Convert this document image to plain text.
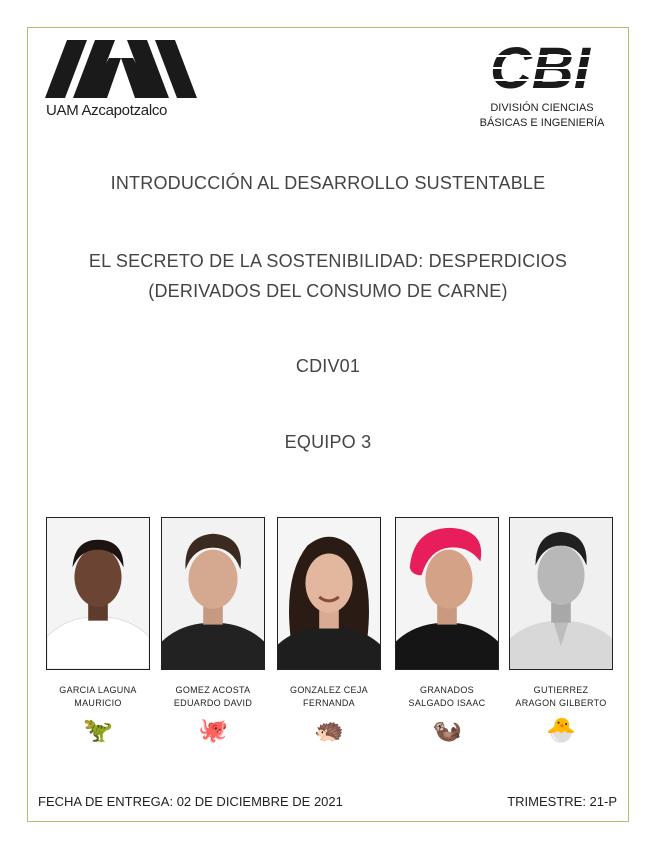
UAM Azcapotzalco
CBI
DIVISIÓN CIENCIAS
BÁSICAS E INGENIERÍA
INTRODUCCIÓN AL DESARROLLO SUSTENTABLE
EL SECRETO DE LA SOSTENIBILIDAD: DESPERDICIOS
(DERIVADOS DEL CONSUMO DE CARNE)
CDIV01
EQUIPO 3
GARCIA LAGUNA
MAURICIO
🦖
GOMEZ ACOSTA
EDUARDO DAVID
🐙
GONZALEZ CEJA
FERNANDA
🦔
GRANADOS
SALGADO ISAAC
🦦
GUTIERREZ
ARAGON GILBERTO
🐣
FECHA DE ENTREGA: 02 DE DICIEMBRE DE 2021	TRIMESTRE: 21-P
